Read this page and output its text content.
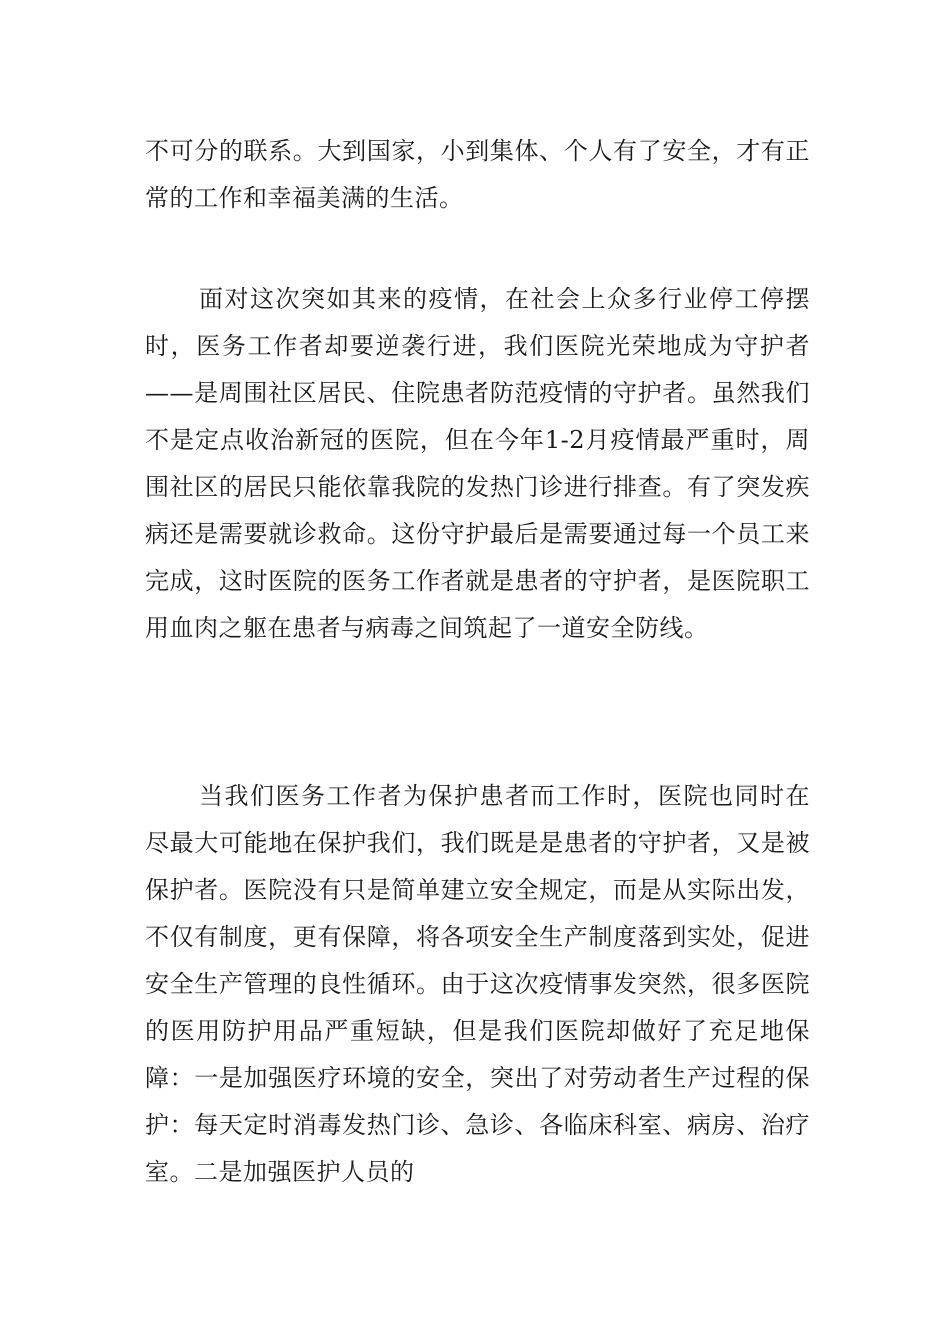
不可分的联系。大到国家，小到集体、个人有了安全，才有正常的工作和幸福美满的生活。
面对这次突如其来的疫情，在社会上众多行业停工停摆时，医务工作者却要逆袭行进，我们医院光荣地成为守护者——是周围社区居民、住院患者防范疫情的守护者。虽然我们不是定点收治新冠的医院，但在今年1-2月疫情最严重时，周围社区的居民只能依靠我院的发热门诊进行排查。有了突发疾病还是需要就诊救命。这份守护最后是需要通过每一个员工来完成，这时医院的医务工作者就是患者的守护者，是医院职工用血肉之躯在患者与病毒之间筑起了一道安全防线。
当我们医务工作者为保护患者而工作时，医院也同时在尽最大可能地在保护我们，我们既是是患者的守护者，又是被保护者。医院没有只是简单建立安全规定，而是从实际出发，不仅有制度，更有保障，将各项安全生产制度落到实处，促进安全生产管理的良性循环。由于这次疫情事发突然，很多医院的医用防护用品严重短缺，但是我们医院却做好了充足地保障：一是加强医疗环境的安全，突出了对劳动者生产过程的保护：每天定时消毒发热门诊、急诊、各临床科室、病房、治疗室。二是加强医护人员的
